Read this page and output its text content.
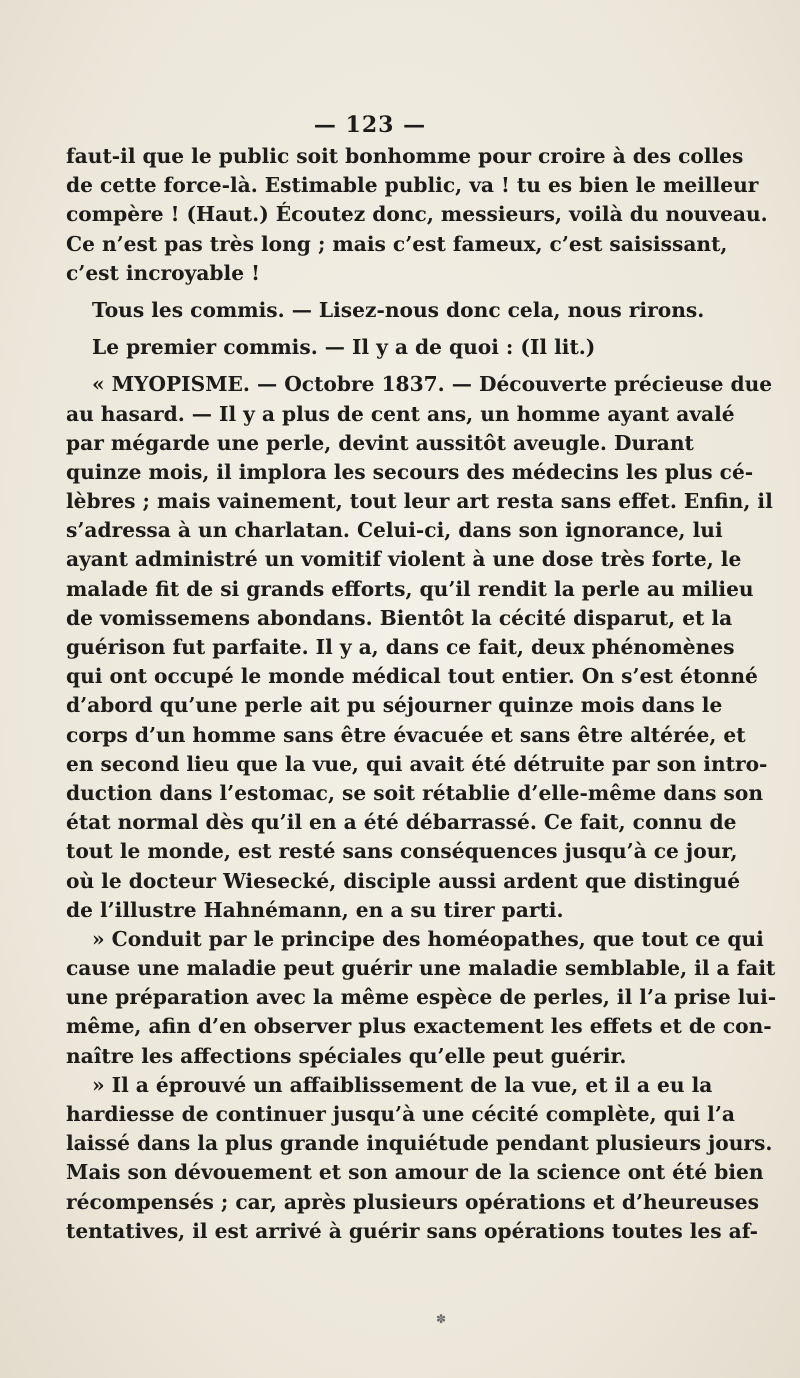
— 123 —
faut-il que le public soit bonhomme pour croire à des colles
de cette force-là. Estimable public, va ! tu es bien le meilleur
compère ! (Haut.) Écoutez donc, messieurs, voilà du nouveau.
Ce n’est pas très long ; mais c’est fameux, c’est saisissant,
c’est incroyable !
Tous les commis. — Lisez-nous donc cela, nous rirons.
Le premier commis. — Il y a de quoi : (Il lit.)
« MYOPISME. — Octobre 1837. — Découverte précieuse due
au hasard. — Il y a plus de cent ans, un homme ayant avalé
par mégarde une perle, devint aussitôt aveugle. Durant
quinze mois, il implora les secours des médecins les plus cé-
lèbres ; mais vainement, tout leur art resta sans effet. Enfin, il
s’adressa à un charlatan. Celui-ci, dans son ignorance, lui
ayant administré un vomitif violent à une dose très forte, le
malade fit de si grands efforts, qu’il rendit la perle au milieu
de vomissemens abondans. Bientôt la cécité disparut, et la
guérison fut parfaite. Il y a, dans ce fait, deux phénomènes
qui ont occupé le monde médical tout entier. On s’est étonné
d’abord qu’une perle ait pu séjourner quinze mois dans le
corps d’un homme sans être évacuée et sans être altérée, et
en second lieu que la vue, qui avait été détruite par son intro-
duction dans l’estomac, se soit rétablie d’elle-même dans son
état normal dès qu’il en a été débarrassé. Ce fait, connu de
tout le monde, est resté sans conséquences jusqu’à ce jour,
où le docteur Wiesecké, disciple aussi ardent que distingué
de l’illustre Hahnémann, en a su tirer parti.
» Conduit par le principe des homéopathes, que tout ce qui
cause une maladie peut guérir une maladie semblable, il a fait
une préparation avec la même espèce de perles, il l’a prise lui-
même, afin d’en observer plus exactement les effets et de con-
naître les affections spéciales qu’elle peut guérir.
» Il a éprouvé un affaiblissement de la vue, et il a eu la
hardiesse de continuer jusqu’à une cécité complète, qui l’a
laissé dans la plus grande inquiétude pendant plusieurs jours.
Mais son dévouement et son amour de la science ont été bien
récompensés ; car, après plusieurs opérations et d’heureuses
tentatives, il est arrivé à guérir sans opérations toutes les af-
✽
